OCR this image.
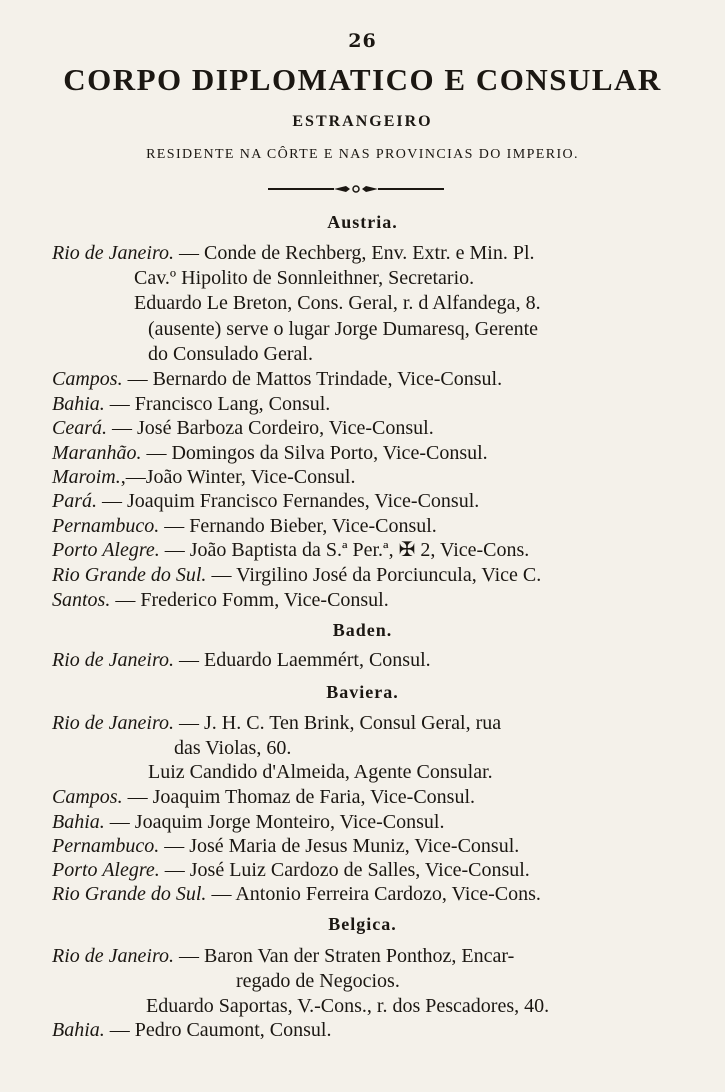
26
CORPO DIPLOMATICO E CONSULAR
ESTRANGEIRO
RESIDENTE NA CÔRTE E NAS PROVINCIAS DO IMPERIO.
Austria.
Rio de Janeiro. — Conde de Rechberg, Env. Extr. e Min. Pl.
Cav.º Hipolito de Sonnleithner, Secretario.
Eduardo Le Breton, Cons. Geral, r. d Alfandega, 8.
(ausente) serve o lugar Jorge Dumaresq, Gerente
do Consulado Geral.
Campos. — Bernardo de Mattos Trindade, Vice-Consul.
Bahia. — Francisco Lang, Consul.
Ceará. — José Barboza Cordeiro, Vice-Consul.
Maranhão. — Domingos da Silva Porto, Vice-Consul.
Maroim.,—João Winter, Vice-Consul.
Pará. — Joaquim Francisco Fernandes, Vice-Consul.
Pernambuco. — Fernando Bieber, Vice-Consul.
Porto Alegre. — João Baptista da S.ª Per.ª, ✠ 2, Vice-Cons.
Rio Grande do Sul. — Virgilino José da Porciuncula, Vice C.
Santos. — Frederico Fomm, Vice-Consul.
Baden.
Rio de Janeiro. — Eduardo Laemmért, Consul.
Baviera.
Rio de Janeiro. — J. H. C. Ten Brink, Consul Geral, rua
das Violas, 60.
Luiz Candido d'Almeida, Agente Consular.
Campos. — Joaquim Thomaz de Faria, Vice-Consul.
Bahia. — Joaquim Jorge Monteiro, Vice-Consul.
Pernambuco. — José Maria de Jesus Muniz, Vice-Consul.
Porto Alegre. — José Luiz Cardozo de Salles, Vice-Consul.
Rio Grande do Sul. — Antonio Ferreira Cardozo, Vice-Cons.
Belgica.
Rio de Janeiro. — Baron Van der Straten Ponthoz, Encar-
regado de Negocios.
Eduardo Saportas, V.-Cons., r. dos Pescadores, 40.
Bahia. — Pedro Caumont, Consul.
